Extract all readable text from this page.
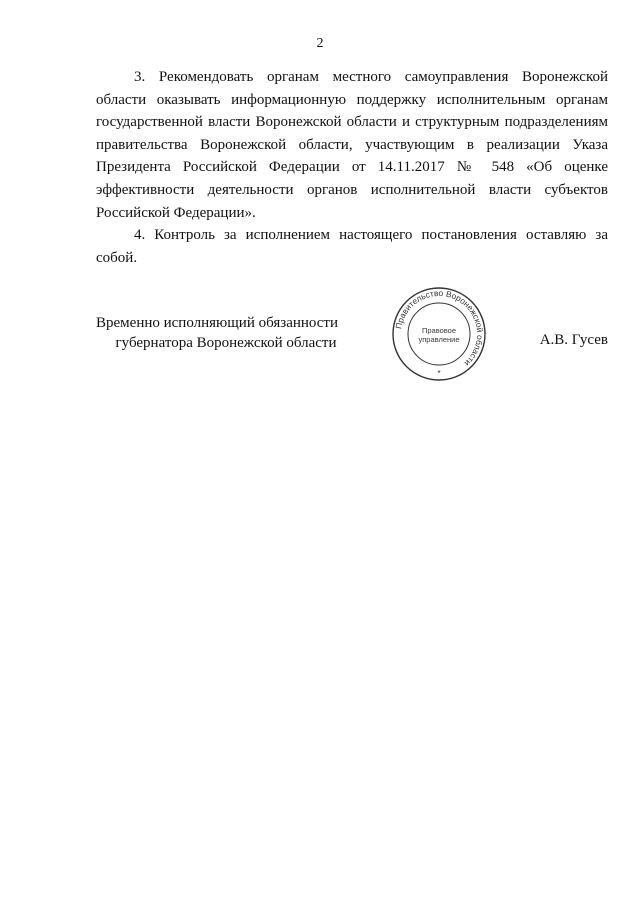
2

3. Рекомендовать органам местного самоуправления Воронежской области оказывать информационную поддержку исполнительным органам государственной власти Воронежской области и структурным подразделениям правительства Воронежской области, участвующим в реализации Указа Президента Российской Федерации от 14.11.2017 № 548 «Об оценке эффективности деятельности органов исполнительной власти субъектов Российской Федерации».

4. Контроль за исполнением настоящего постановления оставляю за собой.

Временно исполняющий обязанности
губернатора Воронежской области
Правительство Воронежской области
*
Правовое
управление	А.В. Гусев
